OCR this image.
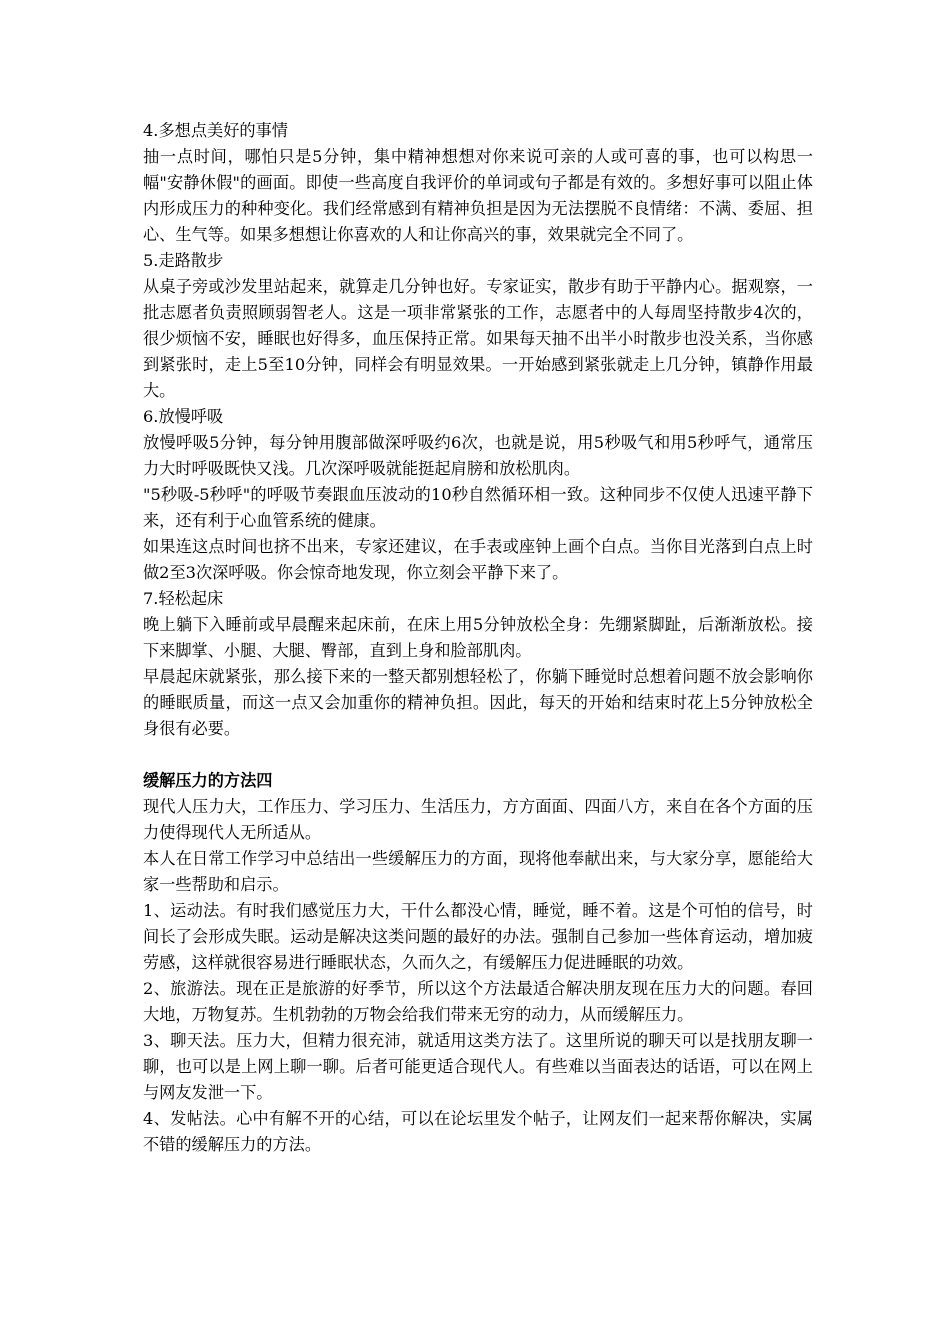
4.多想点美好的事情

抽一点时间，哪怕只是5分钟，集中精神想想对你来说可亲的人或可喜的事，也可以构思一幅"安静休假"的画面。即使一些高度自我评价的单词或句子都是有效的。多想好事可以阻止体内形成压力的种种变化。我们经常感到有精神负担是因为无法摆脱不良情绪：不满、委屈、担心、生气等。如果多想想让你喜欢的人和让你高兴的事，效果就完全不同了。

5.走路散步

从桌子旁或沙发里站起来，就算走几分钟也好。专家证实，散步有助于平静内心。据观察，一批志愿者负责照顾弱智老人。这是一项非常紧张的工作，志愿者中的人每周坚持散步4次的，很少烦恼不安，睡眠也好得多，血压保持正常。如果每天抽不出半小时散步也没关系，当你感到紧张时，走上5至10分钟，同样会有明显效果。一开始感到紧张就走上几分钟，镇静作用最大。

6.放慢呼吸

放慢呼吸5分钟，每分钟用腹部做深呼吸约6次，也就是说，用5秒吸气和用5秒呼气，通常压力大时呼吸既快又浅。几次深呼吸就能挺起肩膀和放松肌肉。

"5秒吸-5秒呼"的呼吸节奏跟血压波动的10秒自然循环相一致。这种同步不仅使人迅速平静下来，还有利于心血管系统的健康。

如果连这点时间也挤不出来，专家还建议，在手表或座钟上画个白点。当你目光落到白点上时做2至3次深呼吸。你会惊奇地发现，你立刻会平静下来了。

7.轻松起床

晚上躺下入睡前或早晨醒来起床前，在床上用5分钟放松全身：先绷紧脚趾，后渐渐放松。接下来脚掌、小腿、大腿、臀部，直到上身和脸部肌肉。

早晨起床就紧张，那么接下来的一整天都别想轻松了，你躺下睡觉时总想着问题不放会影响你的睡眠质量，而这一点又会加重你的精神负担。因此，每天的开始和结束时花上5分钟放松全身很有必要。

缓解压力的方法四

现代人压力大，工作压力、学习压力、生活压力，方方面面、四面八方，来自在各个方面的压力使得现代人无所适从。

本人在日常工作学习中总结出一些缓解压力的方面，现将他奉献出来，与大家分享，愿能给大家一些帮助和启示。

1、运动法。有时我们感觉压力大，干什么都没心情，睡觉，睡不着。这是个可怕的信号，时间长了会形成失眠。运动是解决这类问题的最好的办法。强制自己参加一些体育运动，增加疲劳感，这样就很容易进行睡眠状态，久而久之，有缓解压力促进睡眠的功效。

2、旅游法。现在正是旅游的好季节，所以这个方法最适合解决朋友现在压力大的问题。春回大地，万物复苏。生机勃勃的万物会给我们带来无穷的动力，从而缓解压力。

3、聊天法。压力大，但精力很充沛，就适用这类方法了。这里所说的聊天可以是找朋友聊一聊，也可以是上网上聊一聊。后者可能更适合现代人。有些难以当面表达的话语，可以在网上与网友发泄一下。

4、发帖法。心中有解不开的心结，可以在论坛里发个帖子，让网友们一起来帮你解决，实属不错的缓解压力的方法。
